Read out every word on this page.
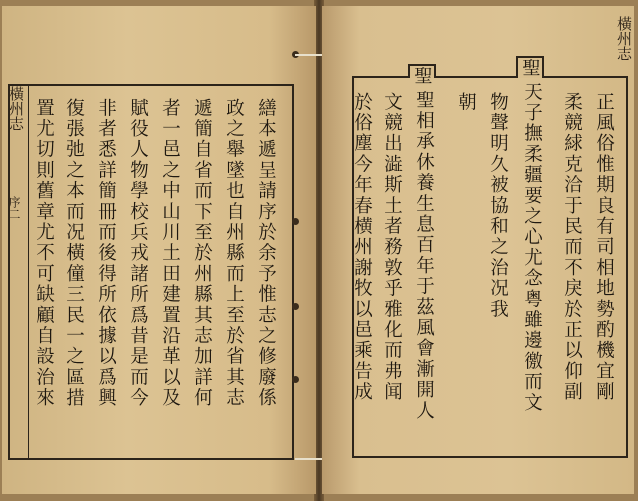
橫州志
序二	繕本遞呈請序於余予惟志之修廢係
政之舉墜也自州縣而上至於省其志
遞簡自省而下至於州縣其志加詳何
者一邑之中山川土田建置沿革以及
賦役人物學校兵戎諸所爲昔是而今
非者悉詳簡冊而後得所依據以爲興
復張弛之本而况橫僮三民一之區措
置尤切則舊章尤不可缺顧自設治來
聖
聖
正風俗惟期良有司相地勢酌機宜剛
柔競絿克洽于民而不戾於正以仰副
天子撫柔疆要之心尤念粤雖邊徼而文
物聲明久被協和之治况我
朝
聖相承休養生息百年于茲風會漸開人
文競出澁斯土者務敦乎雅化而弗闻
於俗塵今年春横州謝牧以邑乘告成
橫州志
